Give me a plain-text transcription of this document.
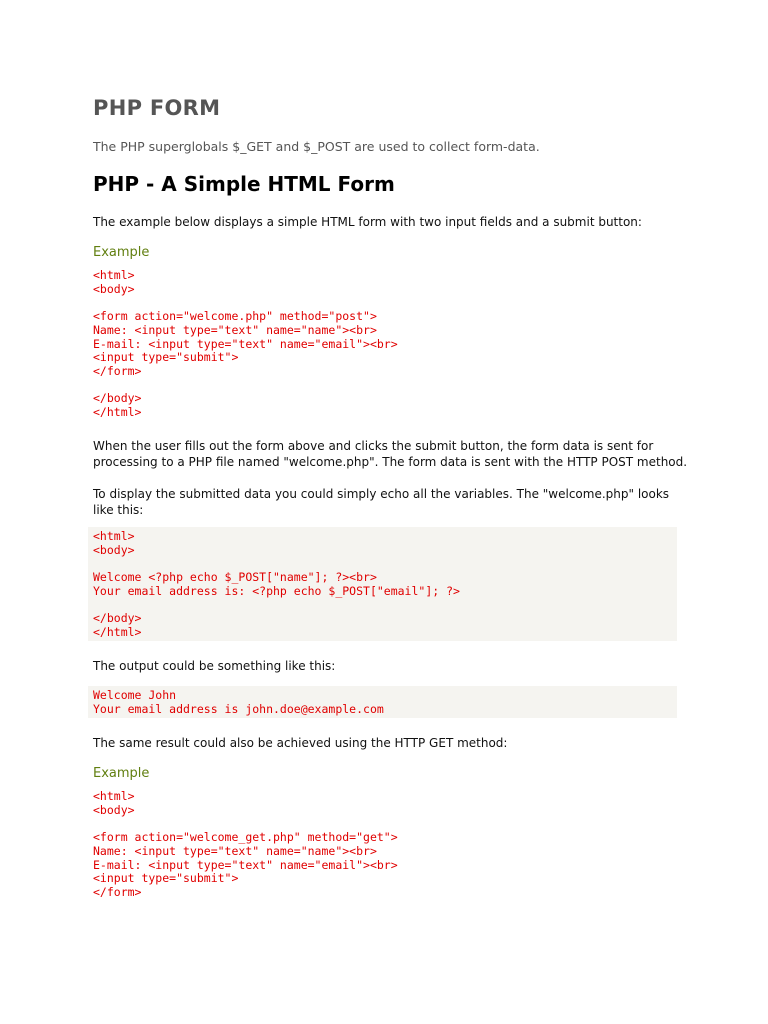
PHP FORM

The PHP superglobals $_GET and $_POST are used to collect form-data.

PHP - A Simple HTML Form

The example below displays a simple HTML form with two input fields and a submit button:

Example
<html>
<body>

<form action="welcome.php" method="post">
Name: <input type="text" name="name"><br>
E-mail: <input type="text" name="email"><br>
<input type="submit">
</form>

</body>
</html>

When the user fills out the form above and clicks the submit button, the form data is sent for
processing to a PHP file named "welcome.php". The form data is sent with the HTTP POST method.

To display the submitted data you could simply echo all the variables. The "welcome.php" looks
like this:

<html>
<body>

Welcome <?php echo $_POST["name"]; ?><br>
Your email address is: <?php echo $_POST["email"]; ?>

</body>
</html>

The output could be something like this:

Welcome John
Your email address is john.doe@example.com

The same result could also be achieved using the HTTP GET method:

Example
<html>
<body>

<form action="welcome_get.php" method="get">
Name: <input type="text" name="name"><br>
E-mail: <input type="text" name="email"><br>
<input type="submit">
</form>
